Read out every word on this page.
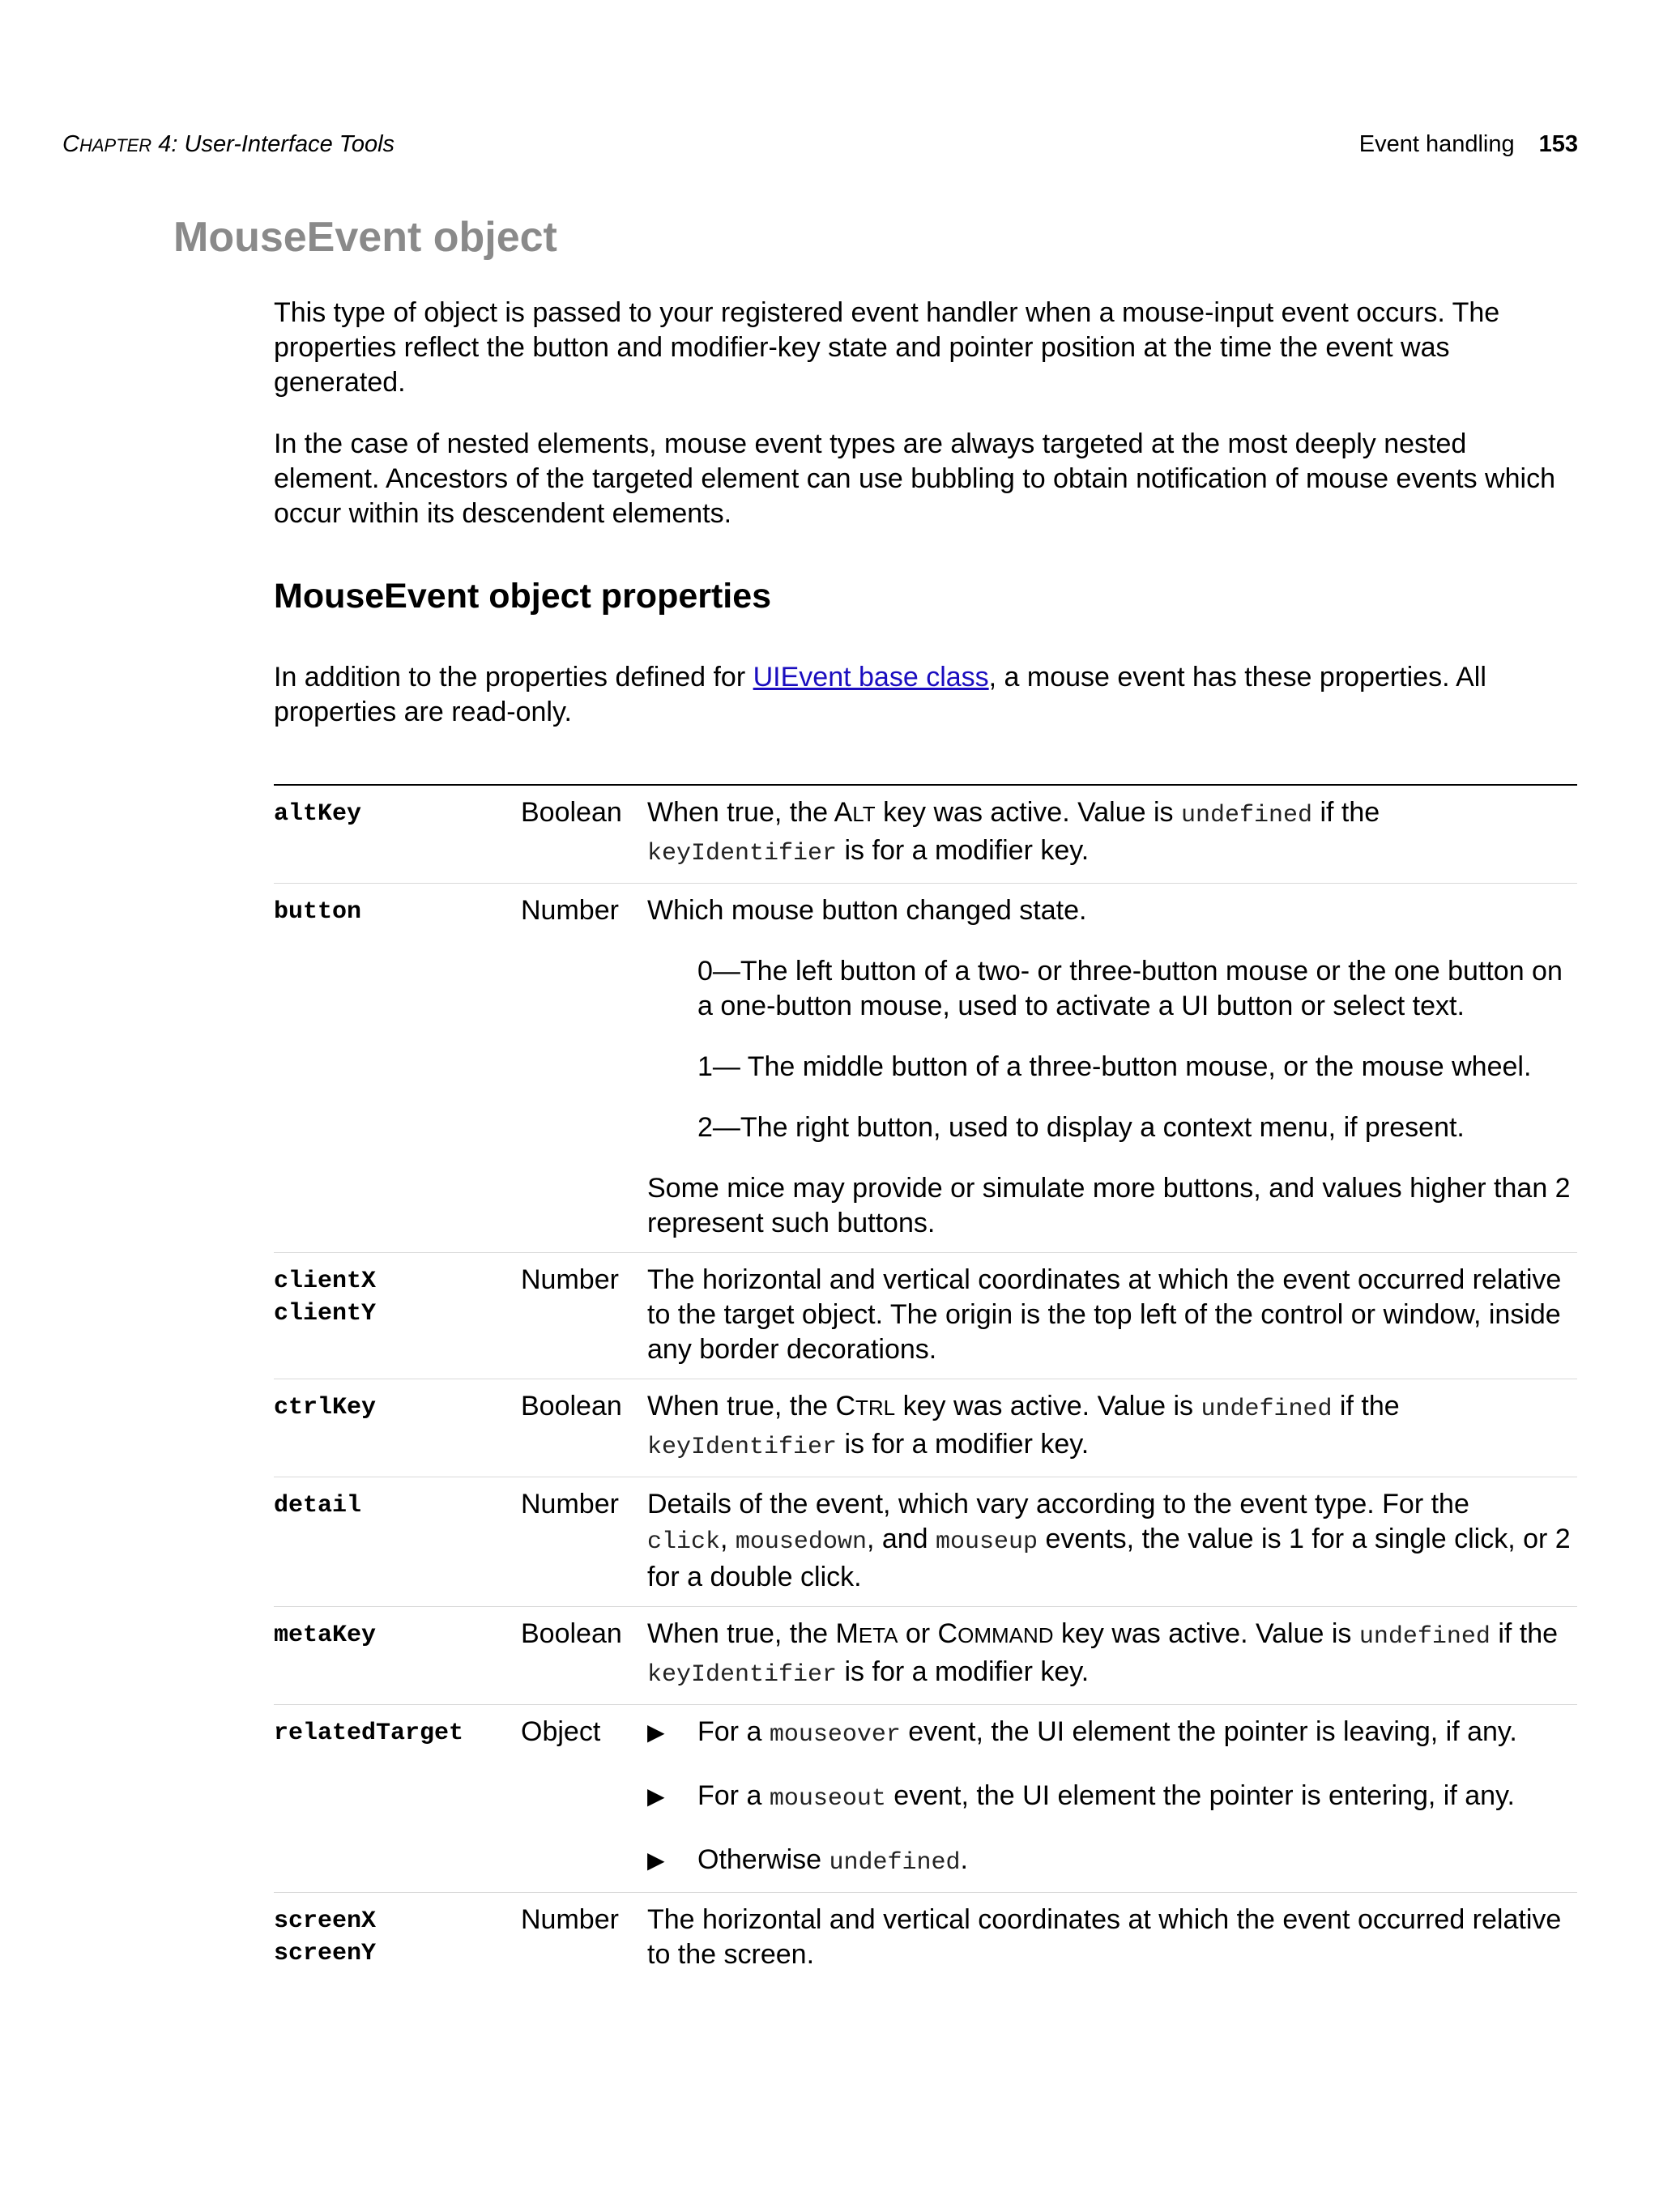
CHAPTER 4: User-Interface Tools	Event handling 153
MouseEvent object

This type of object is passed to your registered event handler when a mouse-input event occurs. The properties reflect the button and modifier-key state and pointer position at the time the event was generated.

In the case of nested elements, mouse event types are always targeted at the most deeply nested element. Ancestors of the targeted element can use bubbling to obtain notification of mouse events which occur within its descendent elements.

MouseEvent object properties

In addition to the properties defined for UIEvent base class, a mouse event has these properties. All properties are read-only.

altKey	Boolean When true, the ALT key was active. Value is undefined if the
keyIdentifier is for a modifier key.

button	Number	Which mouse button changed state.

0—The left button of a two- or three-button mouse or the one button on a one-button mouse, used to activate a UI button or select text.

1— The middle button of a three-button mouse, or the mouse wheel.

2—The right button, used to display a context menu, if present.

Some mice may provide or simulate more buttons, and values higher than 2 represent such buttons.

clientX
clientY
Number	The horizontal and vertical coordinates at which the event occurred relative to the target object. The origin is the top left of the control or window, inside any border decorations.

ctrlKey	Boolean When true, the CTRL key was active. Value is undefined if the
keyIdentifier is for a modifier key.

detail	Number	Details of the event, which vary according to the event type. For the
click, mousedown, and mouseup events, the value is 1 for a single click, or 2 for a double click.

metaKey	Boolean When true, the META or COMMAND key was active. Value is undefined if the
keyIdentifier is for a modifier key.

relatedTarget	Object	▶	For a mouseover event, the UI element the pointer is leaving, if any.
▶	For a mouseout event, the UI element the pointer is entering, if any.
▶	Otherwise undefined.
screenX
screenY
Number	The horizontal and vertical coordinates at which the event occurred relative to the screen.
